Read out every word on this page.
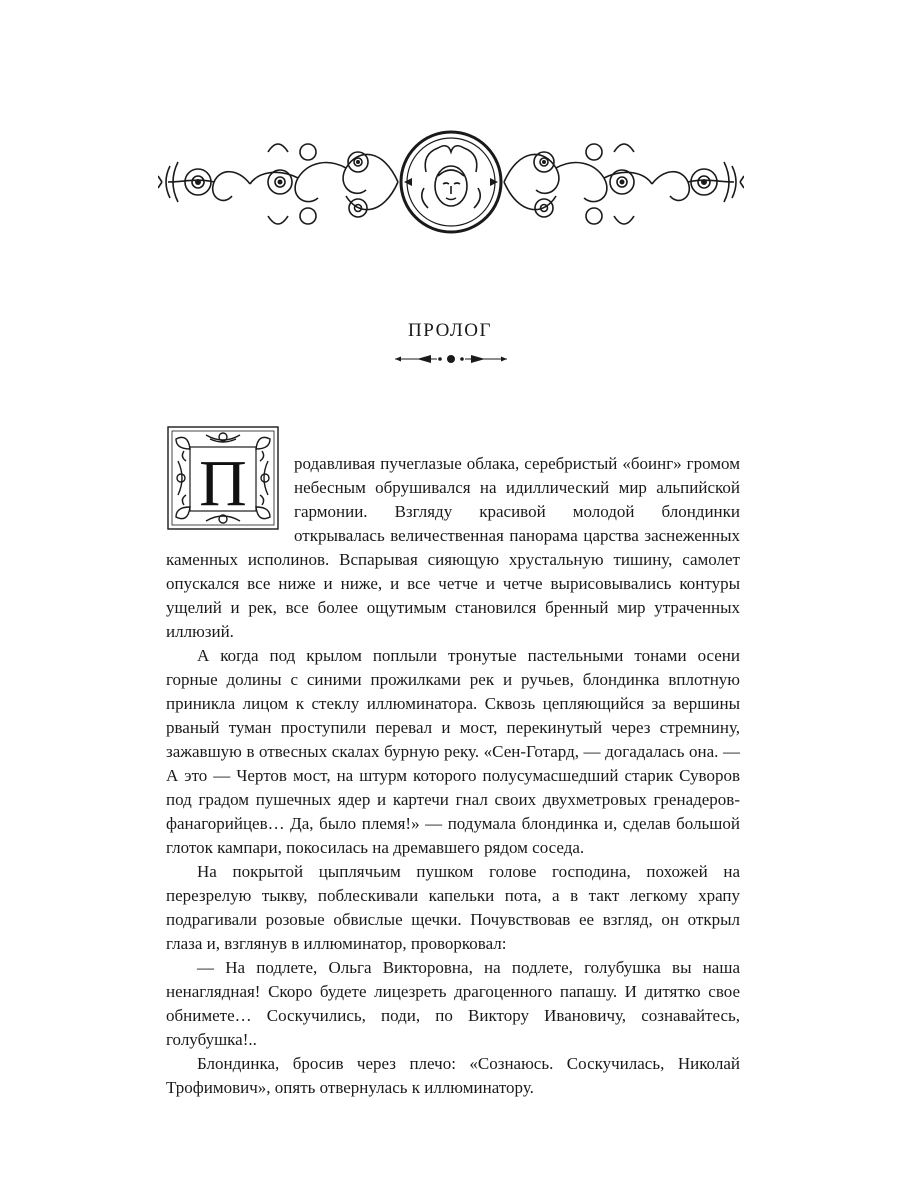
ПРОЛОГ

П	родавливая пучеглазые облака, серебристый «боинг» громом небесным обрушивался на идиллический мир альпийской гармонии. Взгляду красивой молодой блондинки открывалась величественная панорама царства заснеженных каменных исполинов. Вспарывая сияющую хрустальную тишину, самолет опускался все ниже и ниже, и все четче и четче вырисовывались контуры ущелий и рек, все более ощутимым становился бренный мир утраченных иллюзий.

А когда под крылом поплыли тронутые пастельными тонами осени горные долины с синими прожилками рек и ручьев, блондинка вплотную приникла лицом к стеклу иллюминатора. Сквозь цепляющийся за вершины рваный туман проступили перевал и мост, перекинутый через стремнину, зажавшую в отвесных скалах бурную реку. «Сен-Готард, — догадалась она. — А это — Чертов мост, на штурм которого полусумасшедший старик Суворов под градом пушечных ядер и картечи гнал своих двухметровых гренадеров-фанагорийцев… Да, было племя!» — подумала блондинка и, сделав большой глоток кампари, покосилась на дремавшего рядом соседа.

На покрытой цыплячьим пушком голове господина, похожей на перезрелую тыкву, поблескивали капельки пота, а в такт легкому храпу подрагивали розовые обвислые щечки. Почувствовав ее взгляд, он открыл глаза и, взглянув в иллюминатор, проворковал:

— На подлете, Ольга Викторовна, на подлете, голубушка вы наша ненаглядная! Скоро будете лицезреть драгоценного папашу. И дитятко свое обнимете… Соскучились, поди, по Виктору Ивановичу, сознавайтесь, голубушка!..

Блондинка, бросив через плечо: «Сознаюсь. Соскучилась, Николай Трофимович», опять отвернулась к иллюминатору.
